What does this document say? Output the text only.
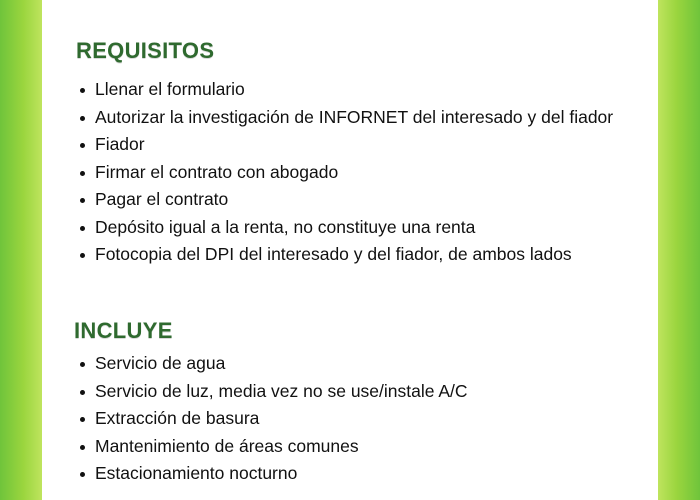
REQUISITOS
Llenar el formulario
Autorizar la investigación de INFORNET del interesado y del fiador
Fiador
Firmar el contrato con abogado
Pagar el contrato
Depósito igual a la renta, no constituye una renta
Fotocopia del DPI del interesado y del fiador, de ambos lados
INCLUYE
Servicio de agua
Servicio de luz, media vez no se use/instale A/C
Extracción de basura
Mantenimiento de áreas comunes
Estacionamiento nocturno
